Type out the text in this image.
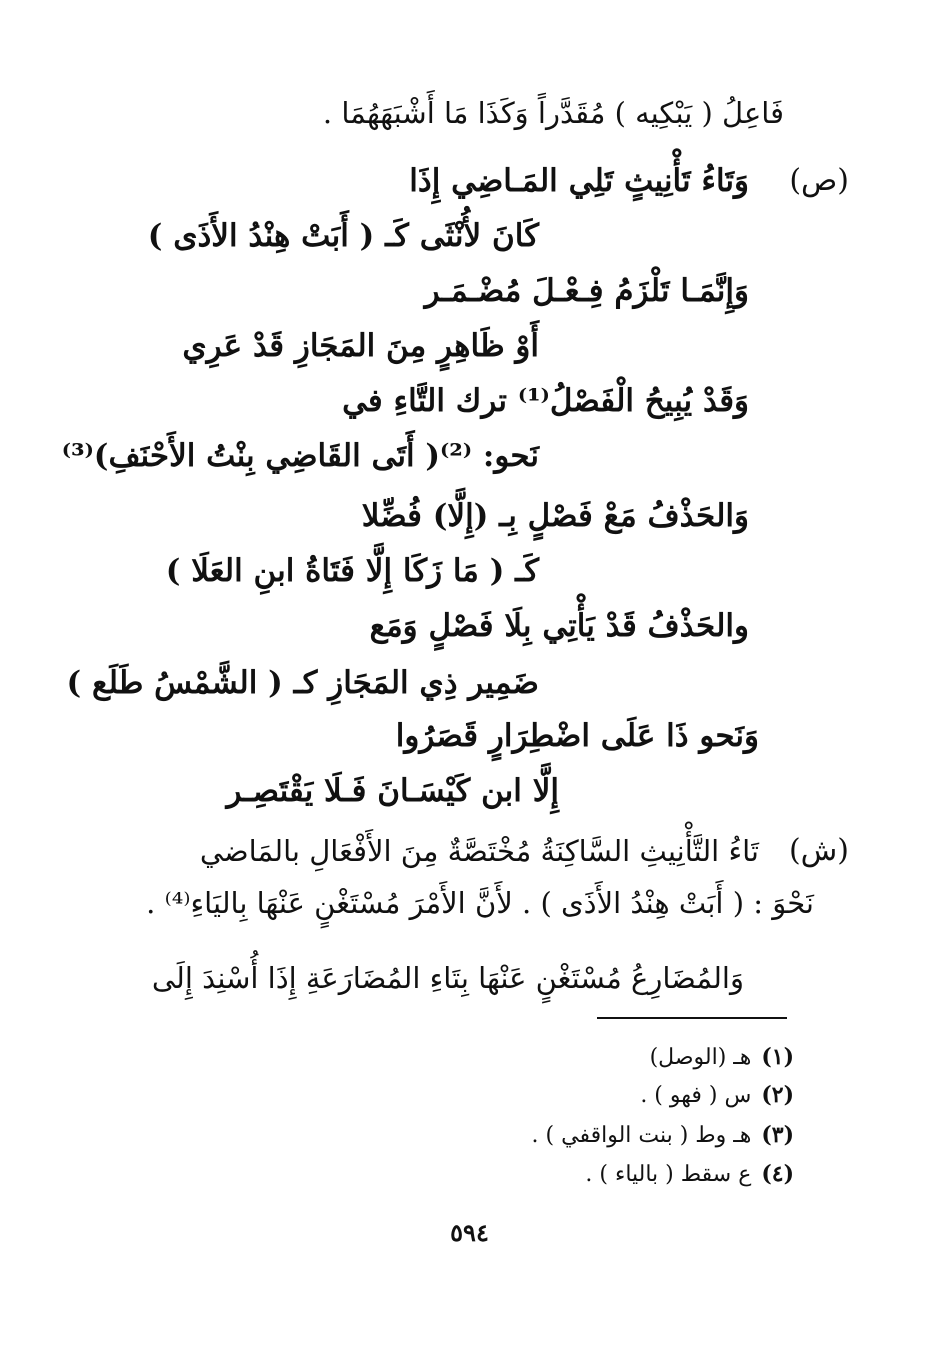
فَاعِلُ ( يَبْكِيه ) مُقَدَّراً وَكَذَا مَا أَشْبَهَهُمَا .
(ص)
وَتَاءُ تَأْنِيثٍ تَلِي المَـاضِي إِذَا
كَانَ لأُنْثَى كَـ ( أَبَتْ هِنْدُ الأَذَى )
وَإِنَّمَـا تَلْزَمُ فِـعْـلَ مُضْـمَـر
أَوْ ظَاهِرٍ مِنَ المَجَازِ قَدْ عَرِي
وَقَدْ يُبِيحُ الْفَصْلُ⁽¹⁾ ترك التَّاءِ في
نَحو: ⁽²⁾( أَتَى القَاضِي بِنْتُ الأَحْنَفِ)⁽³⁾
وَالحَذْفُ مَعْ فَصْلٍ بِـ (إِلَّا) فُضِّلا
كَـ ( مَا زَكَا إِلَّا فَتَاةُ ابنِ العَلَا )
والحَذْفُ قَدْ يَأْتِي بِلَا فَصْلٍ وَمَع
ضَمِير ذِي المَجَازِ كـ ( الشَّمْسُ طَلَع )
وَنَحو ذَا عَلَى اضْطِرَارٍ قَصَرُوا
إِلَّا ابن كَيْسَـانَ فَـلَا يَقْتَصِـر
(ش)
تَاءُ التَّأْنِيثِ السَّاكِنَةُ مُخْتَصَّةٌ مِنَ الأَفْعَالِ بالمَاضي
نَحْوَ : ( أَبَتْ هِنْدُ الأَذَى ) . لأَنَّ الأَمْرَ مُسْتَغْنٍ عَنْهَا بِاليَاءِ⁽⁴⁾ .
وَالمُضَارِعُ مُسْتَغْنٍ عَنْهَا بِتَاءِ المُضَارَعَةِ إِذَا أُسْنِدَ إِلَى
(١)هـ (الوصل)
(٢)س ( فهو ) .
(٣)هـ وط ( بنت الواقفي ) .
(٤)ع سقط ( بالياء ) .
٥٩٤
